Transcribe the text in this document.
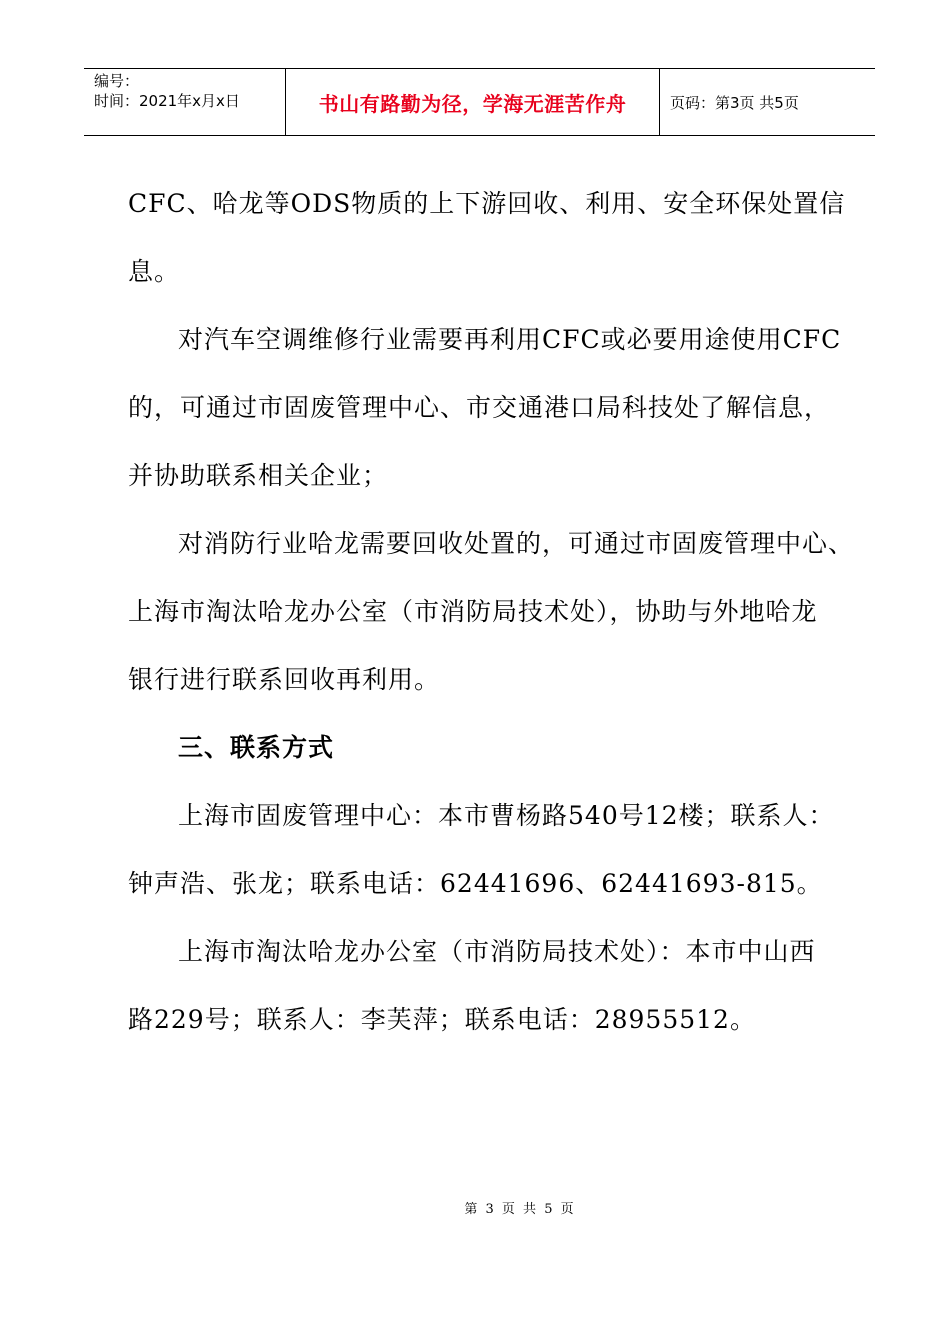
编号：
时间：2021年x月x日	书山有路勤为径，学海无涯苦作舟	页码：第3页 共5页
CFC、哈龙等ODS物质的上下游回收、利用、安全环保处置信
息。
对汽车空调维修行业需要再利用CFC或必要用途使用CFC
的，可通过市固废管理中心、市交通港口局科技处了解信息，
并协助联系相关企业；
对消防行业哈龙需要回收处置的，可通过市固废管理中心、
上海市淘汰哈龙办公室（市消防局技术处），协助与外地哈龙
银行进行联系回收再利用。
三、联系方式
上海市固废管理中心：本市曹杨路540号12楼；联系人：
钟声浩、张龙；联系电话：62441696、62441693-815。
上海市淘汰哈龙办公室（市消防局技术处）：本市中山西
路229号；联系人：李芙萍；联系电话：28955512。
第 3 页 共 5 页
